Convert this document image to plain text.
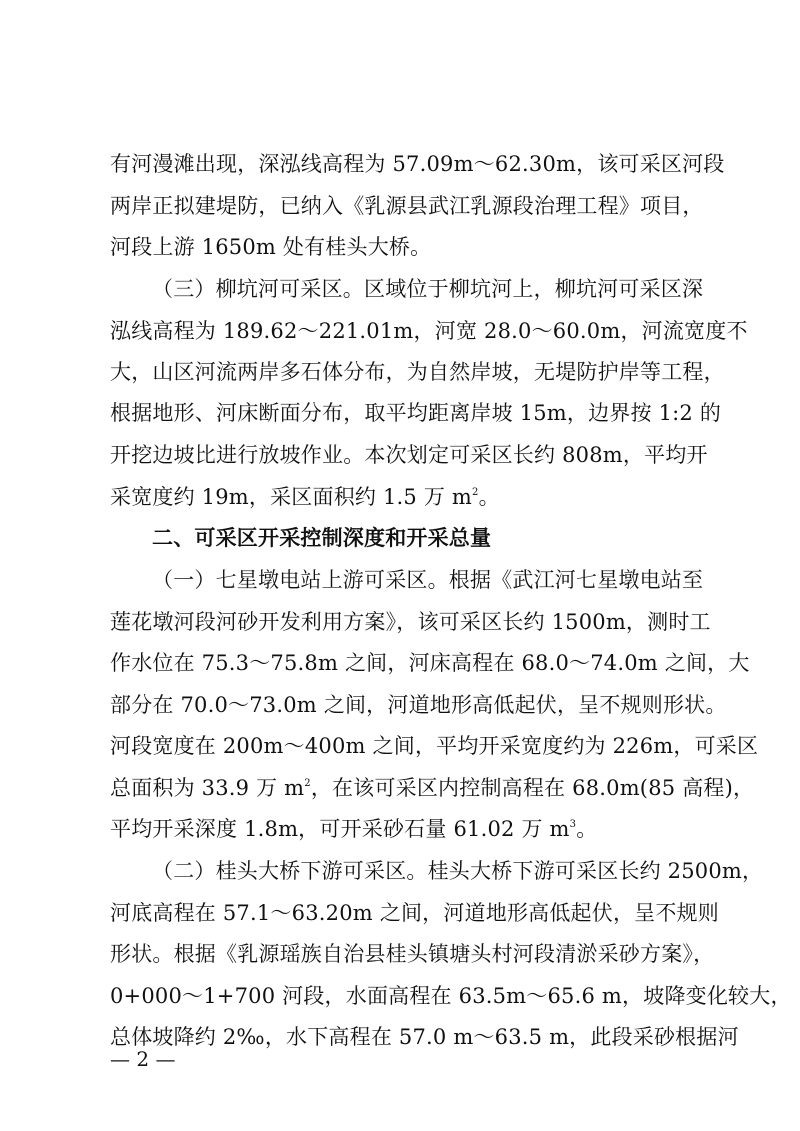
有河漫滩出现，深泓线高程为 57.09m～62.30m，该可采区河段
两岸正拟建堤防，已纳入《乳源县武江乳源段治理工程》项目，
河段上游 1650m 处有桂头大桥。
（三）柳坑河可采区。区域位于柳坑河上，柳坑河可采区深
泓线高程为 189.62～221.01m，河宽 28.0～60.0m，河流宽度不
大，山区河流两岸多石体分布，为自然岸坡，无堤防护岸等工程，
根据地形、河床断面分布，取平均距离岸坡 15m，边界按 1:2 的
开挖边坡比进行放坡作业。本次划定可采区长约 808m，平均开
采宽度约 19m，采区面积约 1.5 万 $m^2$。
二、可采区开采控制深度和开采总量
（一）七星墩电站上游可采区。根据《武江河七星墩电站至
莲花墩河段河砂开发利用方案》，该可采区长约 1500m，测时工
作水位在 75.3～75.8m 之间，河床高程在 68.0～74.0m 之间，大
部分在 70.0～73.0m 之间，河道地形高低起伏，呈不规则形状。
河段宽度在 200m～400m 之间，平均开采宽度约为 226m，可采区
总面积为 33.9 万 $m^2$，在该可采区内控制高程在 68.0m(85 高程)，
平均开采深度 1.8m，可开采砂石量 61.02 万 $m^3$。
（二）桂头大桥下游可采区。桂头大桥下游可采区长约 2500m，
河底高程在 57.1～63.20m 之间，河道地形高低起伏，呈不规则
形状。根据《乳源瑶族自治县桂头镇塘头村河段清淤采砂方案》，
0+000～1+700 河段，水面高程在 63.5m～65.6 m，坡降变化较大，
总体坡降约 2‰，水下高程在 57.0 m～63.5 m，此段采砂根据河
— 2 —
